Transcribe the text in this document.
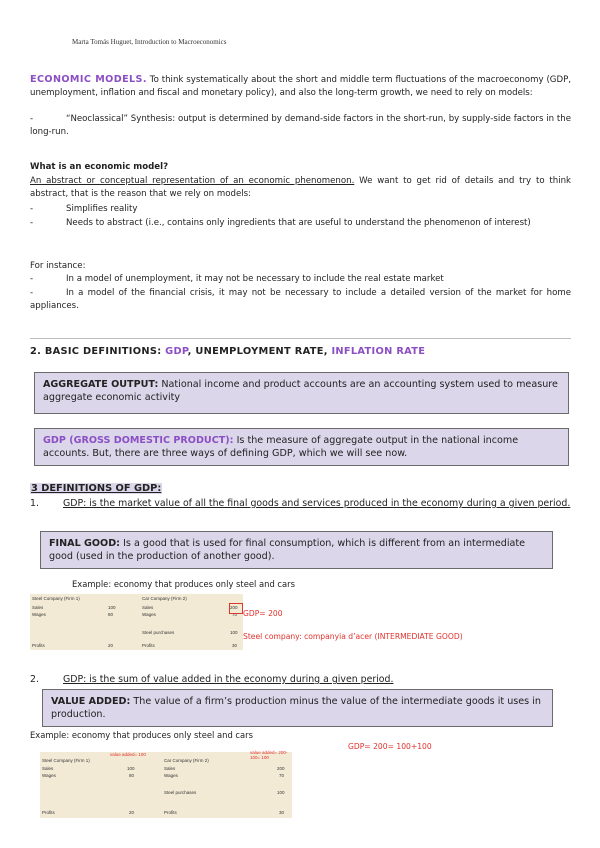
Marta Tomás Huguet, Introduction to Macroeconomics
ECONOMIC MODELS. To think systematically about the short and middle term fluctuations of the macroeconomy (GDP, unemployment, inflation and fiscal and monetary policy), and also the long-term growth, we need to rely on models:
-	“Neoclassical” Synthesis: output is determined by demand-side factors in the short-run, by supply-side factors in the long-run.
What is an economic model?
An abstract or conceptual representation of an economic phenomenon. We want to get rid of details and try to think abstract, that is the reason that we rely on models:
-	Simplifies reality
-	Needs to abstract (i.e., contains only ingredients that are useful to understand the phenomenon of interest)
For instance:
-	In a model of unemployment, it may not be necessary to include the real estate market
-	In a model of the financial crisis, it may not be necessary to include a detailed version of the market for home appliances.
2. BASIC DEFINITIONS: GDP, UNEMPLOYMENT RATE, INFLATION RATE
AGGREGATE OUTPUT: National income and product accounts are an accounting system used to measure aggregate economic activity
GDP (GROSS DOMESTIC PRODUCT): Is the measure of aggregate output in the national income accounts. But, there are three ways of defining GDP, which we will see now.
3 DEFINITIONS OF GDP:
1.	GDP: is the market value of all the final goods and services produced in the economy during a given period.
FINAL GOOD: Is a good that is used for final consumption, which is different from an intermediate good (used in the production of another good).
Example: economy that produces only steel and cars
Steel Company (Firm 1)
Sales	100
Wages	80
Profits	20
Car Company (Firm 2)
Sales	200
Wages	70
Steel purchases	100
Profits	30
GDP= 200
Steel company: companyia d’acer (INTERMEDIATE GOOD)
2.	GDP: is the sum of value added in the economy during a given period.
VALUE ADDED: The value of a firm’s production minus the value of the intermediate goods it uses in production.
Example: economy that produces only steel and cars
GDP= 200= 100+100
Steel Company (Firm 1)
Sales	100
Wages	80
Profits	20
value added= 100
Car Company (Firm 2)
Sales	200
Wages	70
Steel purchases	100
Profits	30
value added= 200-100= 100
